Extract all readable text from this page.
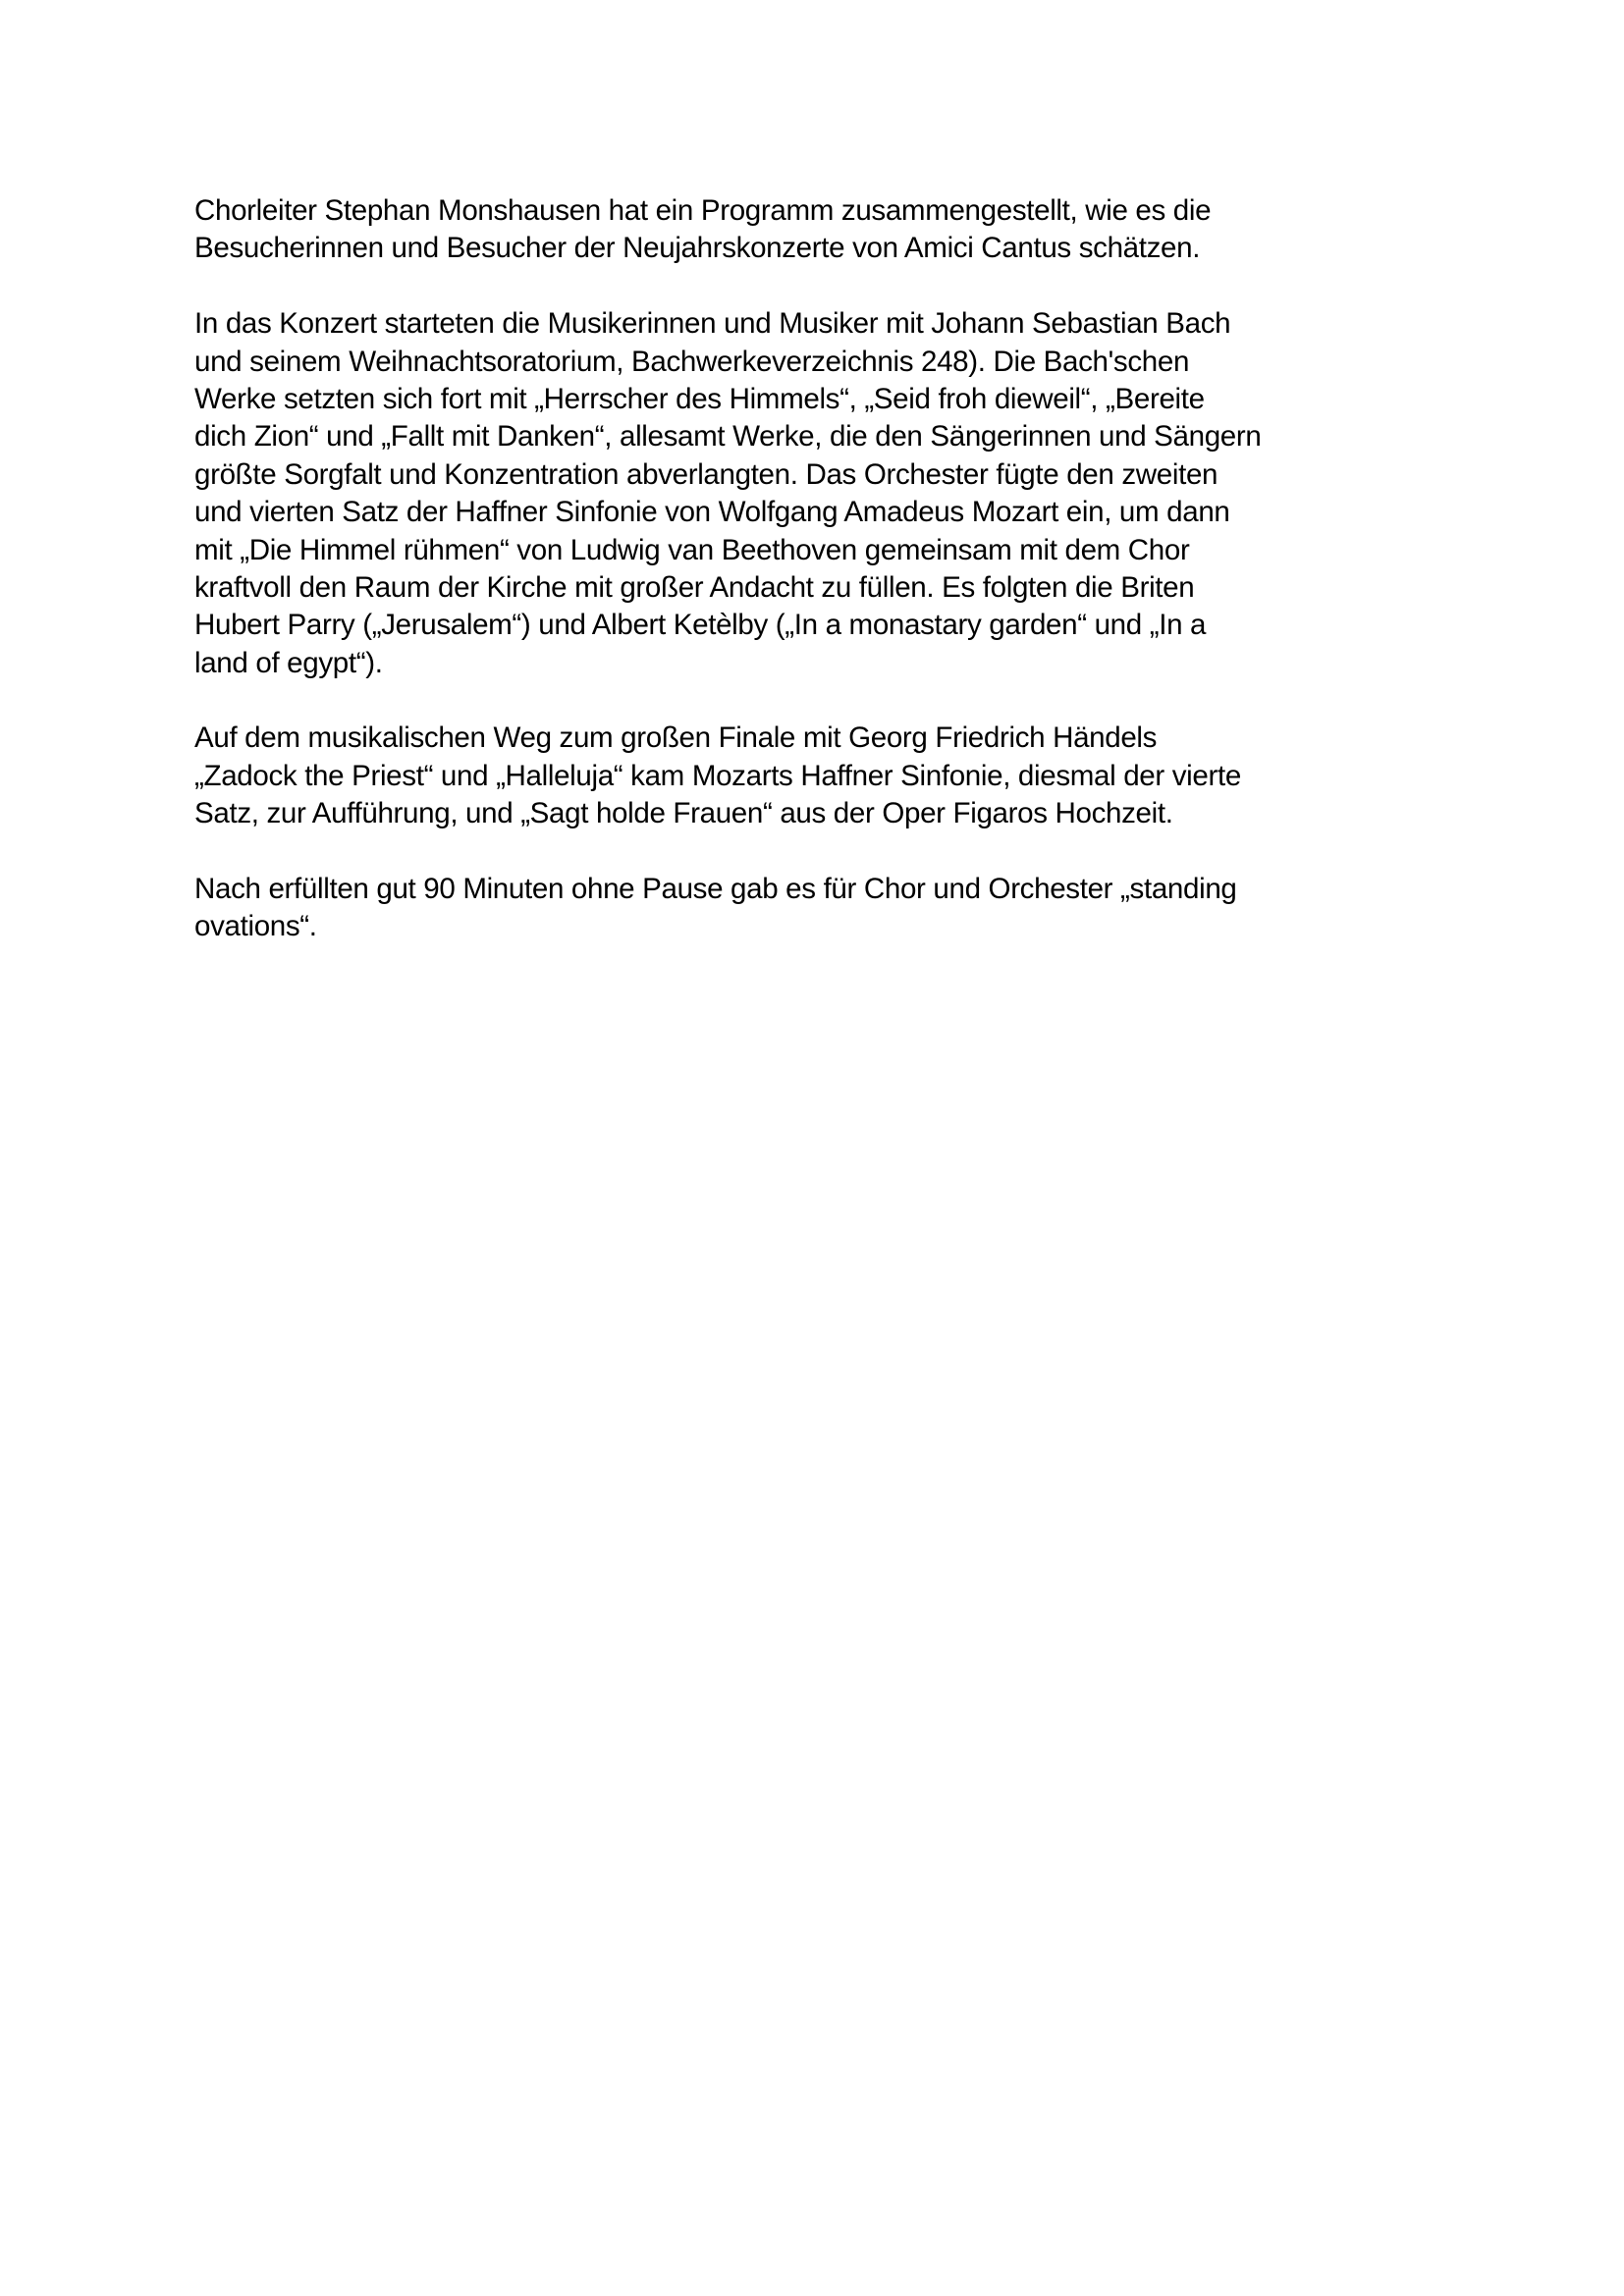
Chorleiter Stephan Monshausen hat ein Programm zusammengestellt, wie es die
Besucherinnen und Besucher der Neujahrskonzerte von Amici Cantus schätzen.

In das Konzert starteten die Musikerinnen und Musiker mit Johann Sebastian Bach
und seinem Weihnachtsoratorium, Bachwerkeverzeichnis 248). Die Bach'schen
Werke setzten sich fort mit „Herrscher des Himmels“, „Seid froh dieweil“, „Bereite
dich Zion“ und „Fallt mit Danken“, allesamt Werke, die den Sängerinnen und Sängern
größte Sorgfalt und Konzentration abverlangten. Das Orchester fügte den zweiten
und vierten Satz der Haffner Sinfonie von Wolfgang Amadeus Mozart ein, um dann
mit „Die Himmel rühmen“ von Ludwig van Beethoven gemeinsam mit dem Chor
kraftvoll den Raum der Kirche mit großer Andacht zu füllen. Es folgten die Briten
Hubert Parry („Jerusalem“) und Albert Ketèlby („In a monastary garden“ und „In a
land of egypt“).

Auf dem musikalischen Weg zum großen Finale mit Georg Friedrich Händels
„Zadock the Priest“ und „Halleluja“ kam Mozarts Haffner Sinfonie, diesmal der vierte
Satz, zur Aufführung, und „Sagt holde Frauen“ aus der Oper Figaros Hochzeit.

Nach erfüllten gut 90 Minuten ohne Pause gab es für Chor und Orchester „standing
ovations“.
